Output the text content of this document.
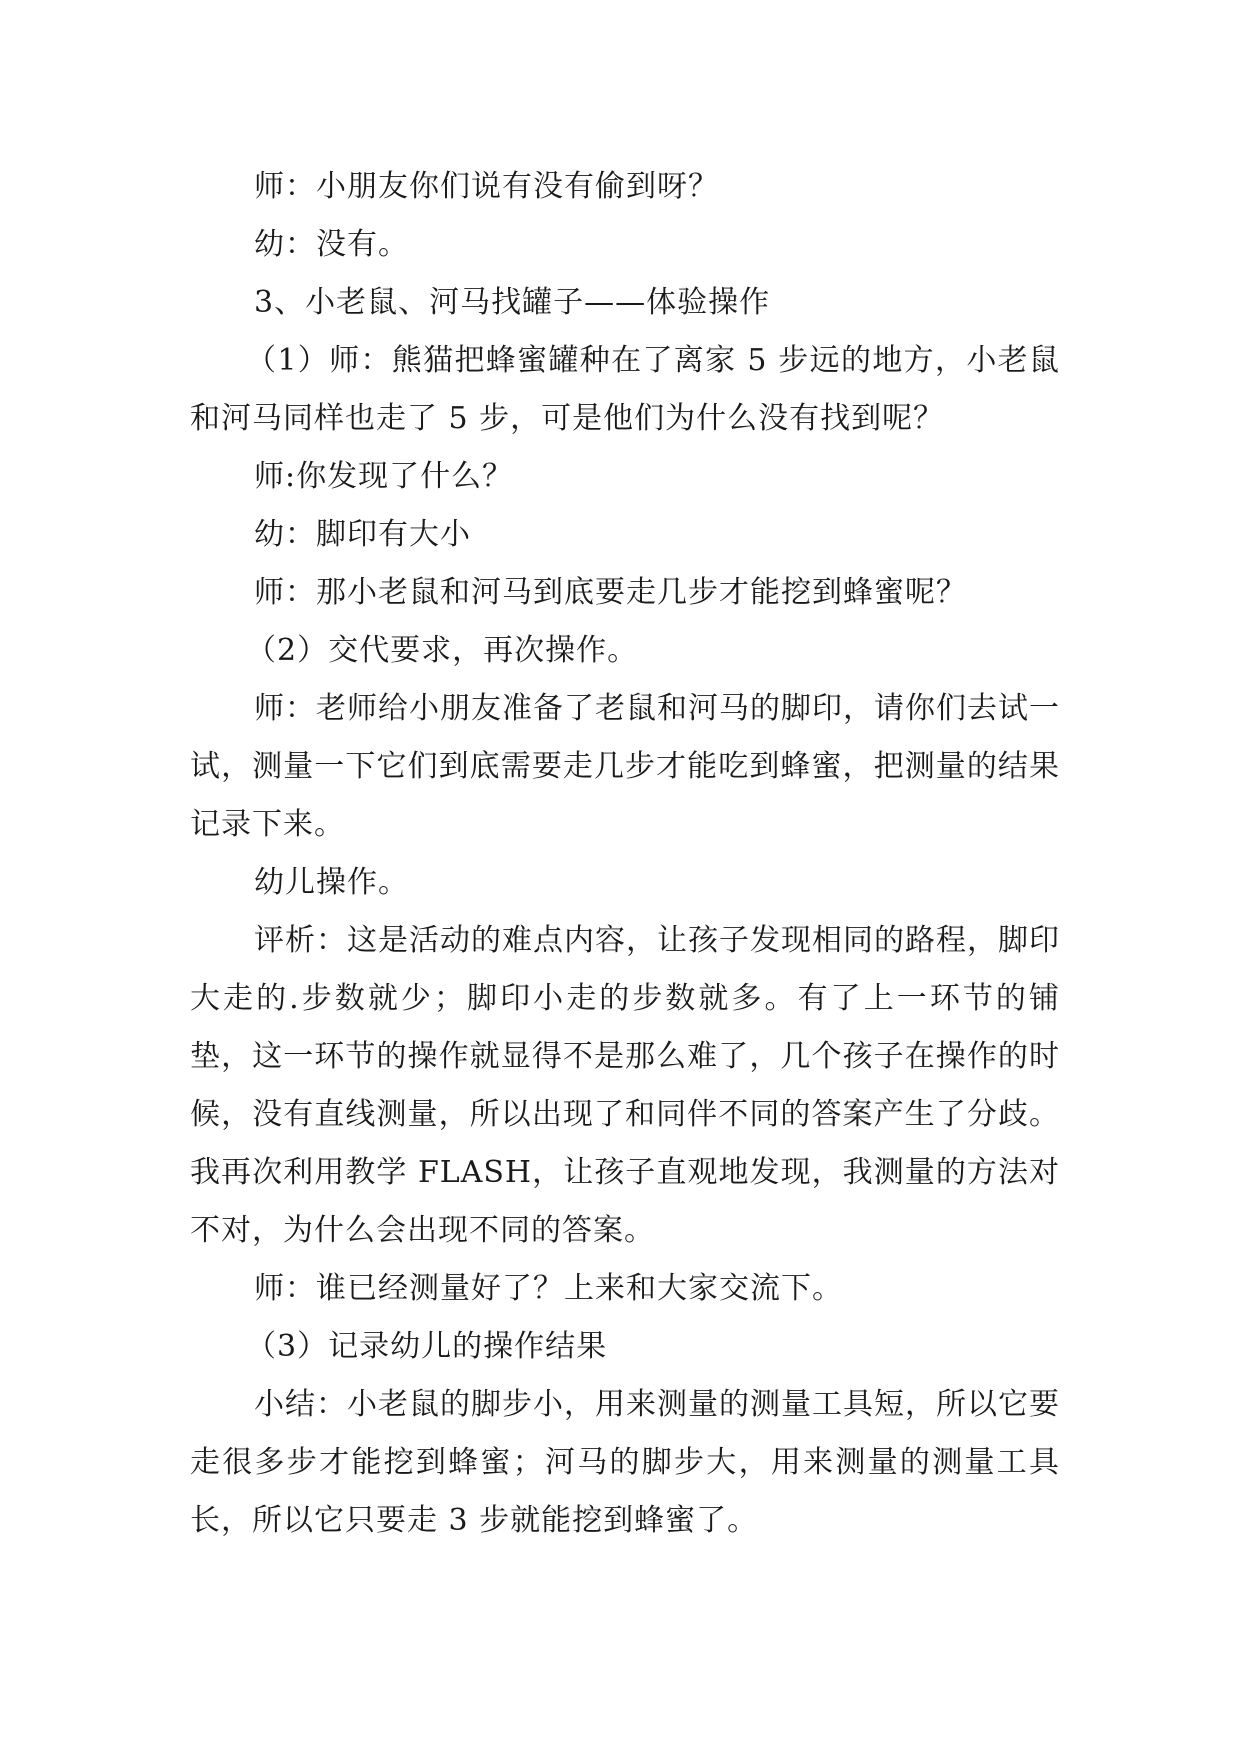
师：小朋友你们说有没有偷到呀？

幼：没有。

3、小老鼠、河马找罐子——体验操作

（1）师：熊猫把蜂蜜罐种在了离家 5 步远的地方，小老鼠和河马同样也走了 5 步，可是他们为什么没有找到呢？

师:你发现了什么？

幼：脚印有大小

师：那小老鼠和河马到底要走几步才能挖到蜂蜜呢？

（2）交代要求，再次操作。

师：老师给小朋友准备了老鼠和河马的脚印，请你们去试一试，测量一下它们到底需要走几步才能吃到蜂蜜，把测量的结果记录下来。

幼儿操作。

评析：这是活动的难点内容，让孩子发现相同的路程，脚印大走的.步数就少；脚印小走的步数就多。有了上一环节的铺垫，这一环节的操作就显得不是那么难了，几个孩子在操作的时候，没有直线测量，所以出现了和同伴不同的答案产生了分歧。我再次利用教学 FLASH，让孩子直观地发现，我测量的方法对不对，为什么会出现不同的答案。

师：谁已经测量好了？上来和大家交流下。

（3）记录幼儿的操作结果

小结：小老鼠的脚步小，用来测量的测量工具短，所以它要走很多步才能挖到蜂蜜；河马的脚步大，用来测量的测量工具长，所以它只要走 3 步就能挖到蜂蜜了。
